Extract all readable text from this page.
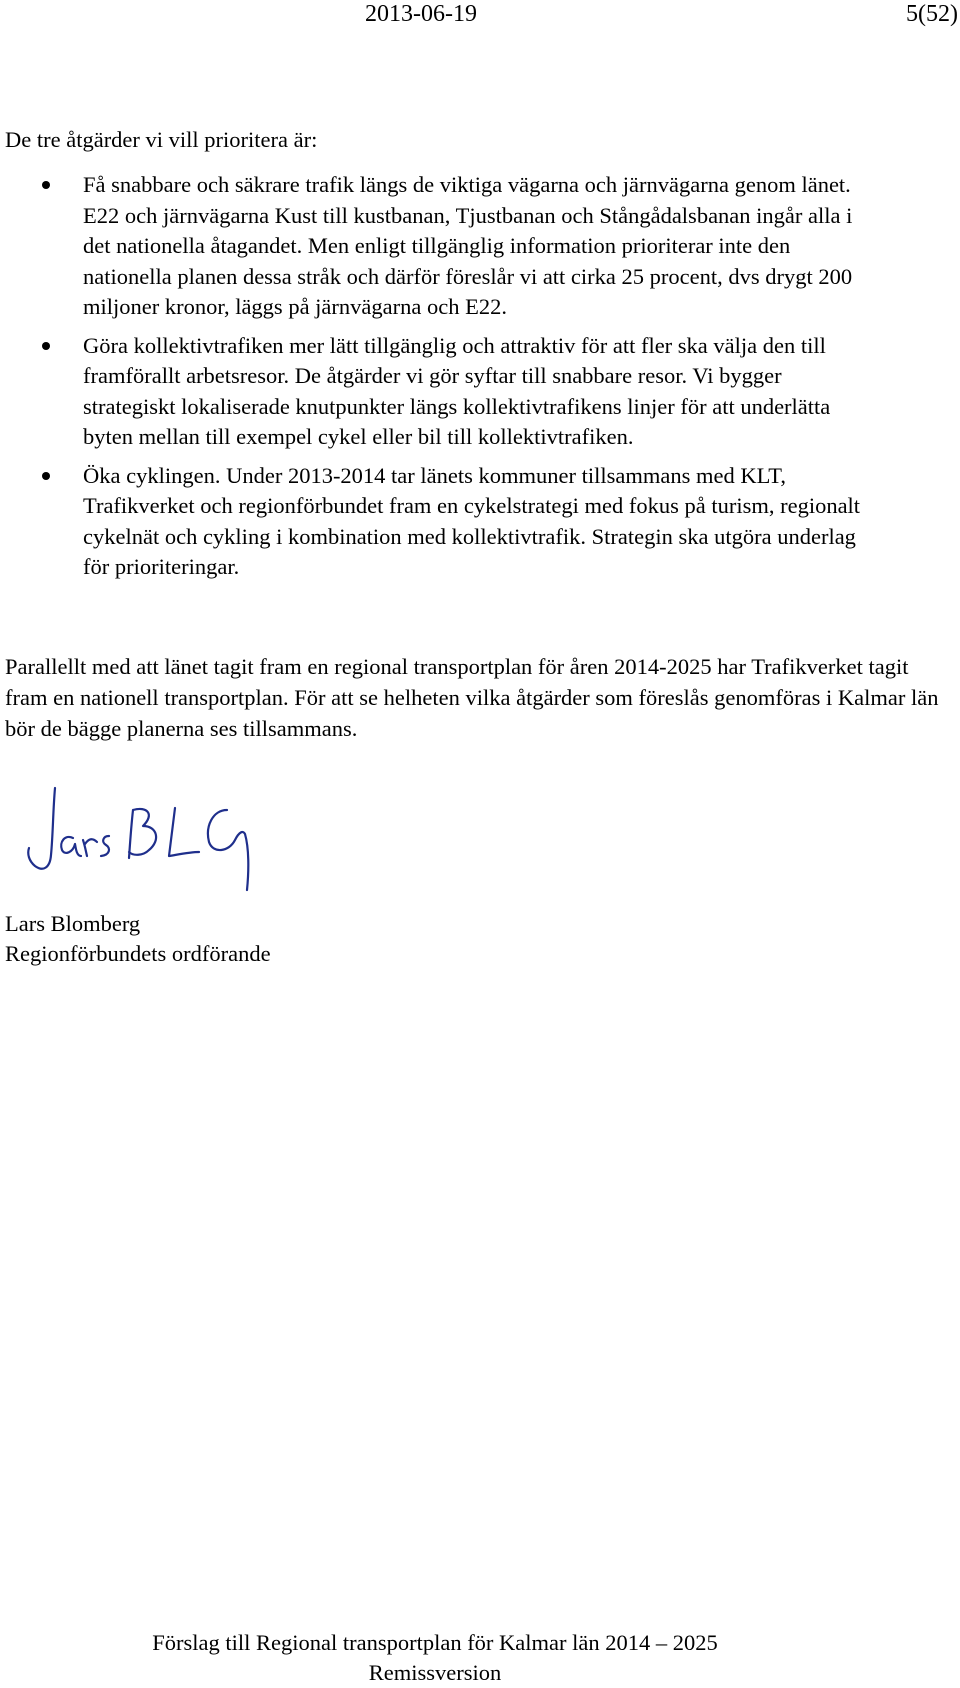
2013-06-19	5(52)

De tre åtgärder vi vill prioritera är:

Få snabbare och säkrare trafik längs de viktiga vägarna och järnvägarna genom länet. E22 och järnvägarna Kust till kustbanan, Tjustbanan och Stångådalsbanan ingår alla i det nationella åtagandet. Men enligt tillgänglig information prioriterar inte den nationella planen dessa stråk och därför föreslår vi att cirka 25 procent, dvs drygt 200 miljoner kronor, läggs på järnvägarna och E22.
Göra kollektivtrafiken mer lätt tillgänglig och attraktiv för att fler ska välja den till framförallt arbetsresor. De åtgärder vi gör syftar till snabbare resor. Vi bygger strategiskt lokaliserade knutpunkter längs kollektivtrafikens linjer för att underlätta byten mellan till exempel cykel eller bil till kollektivtrafiken.
Öka cyklingen. Under 2013-2014 tar länets kommuner tillsammans med KLT, Trafikverket och regionförbundet fram en cykelstrategi med fokus på turism, regionalt cykelnät och cykling i kombination med kollektivtrafik. Strategin ska utgöra underlag för prioriteringar.

Parallellt med att länet tagit fram en regional transportplan för åren 2014-2025 har Trafikverket tagit fram en nationell transportplan. För att se helheten vilka åtgärder som föreslås genomföras i Kalmar län bör de bägge planerna ses tillsammans.

Lars Blomberg
Regionförbundets ordförande
Förslag till Regional transportplan för Kalmar län 2014 – 2025
Remissversion
